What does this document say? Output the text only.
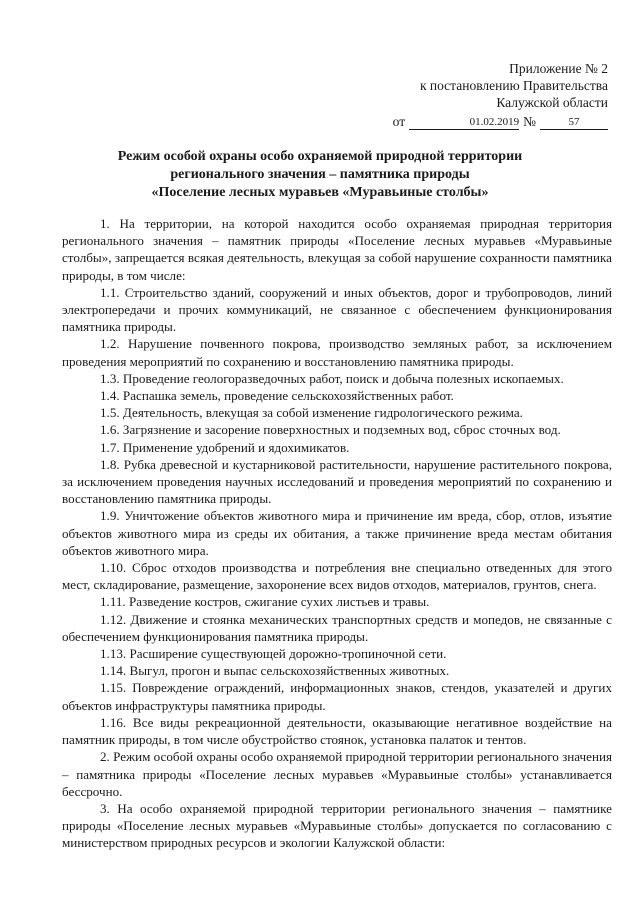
Приложение № 2
к постановлению Правительства
Калужской области
от	01.02.2019 №	57
Режим особой охраны особо охраняемой природной территории
регионального значения – памятника природы
«Поселение лесных муравьев «Муравьиные столбы»

1. На территории, на которой находится особо охраняемая природная территория регионального значения – памятник природы «Поселение лесных муравьев «Муравьиные столбы», запрещается всякая деятельность, влекущая за собой нарушение сохранности памятника природы, в том числе:

1.1. Строительство зданий, сооружений и иных объектов, дорог и трубопроводов, линий электропередачи и прочих коммуникаций, не связанное с обеспечением функционирования памятника природы.

1.2. Нарушение почвенного покрова, производство земляных работ, за исключением проведения мероприятий по сохранению и восстановлению памятника природы.

1.3. Проведение геологоразведочных работ, поиск и добыча полезных ископаемых.

1.4. Распашка земель, проведение сельскохозяйственных работ.

1.5. Деятельность, влекущая за собой изменение гидрологического режима.

1.6. Загрязнение и засорение поверхностных и подземных вод, сброс сточных вод.

1.7. Применение удобрений и ядохимикатов.

1.8. Рубка древесной и кустарниковой растительности, нарушение растительного покрова, за исключением проведения научных исследований и проведения мероприятий по сохранению и восстановлению памятника природы.

1.9. Уничтожение объектов животного мира и причинение им вреда, сбор, отлов, изъятие объектов животного мира из среды их обитания, а также причинение вреда местам обитания объектов животного мира.

1.10. Сброс отходов производства и потребления вне специально отведенных для этого мест, складирование, размещение, захоронение всех видов отходов, материалов, грунтов, снега.

1.11. Разведение костров, сжигание сухих листьев и травы.

1.12. Движение и стоянка механических транспортных средств и мопедов, не связанные с обеспечением функционирования памятника природы.

1.13. Расширение существующей дорожно-тропиночной сети.

1.14. Выгул, прогон и выпас сельскохозяйственных животных.

1.15. Повреждение ограждений, информационных знаков, стендов, указателей и других объектов инфраструктуры памятника природы.

1.16. Все виды рекреационной деятельности, оказывающие негативное воздействие на памятник природы, в том числе обустройство стоянок, установка палаток и тентов.

2. Режим особой охраны особо охраняемой природной территории регионального значения – памятника природы «Поселение лесных муравьев «Муравьиные столбы» устанавливается бессрочно.

3. На особо охраняемой природной территории регионального значения – памятнике природы «Поселение лесных муравьев «Муравьиные столбы» допускается по согласованию с министерством природных ресурсов и экологии Калужской области:
